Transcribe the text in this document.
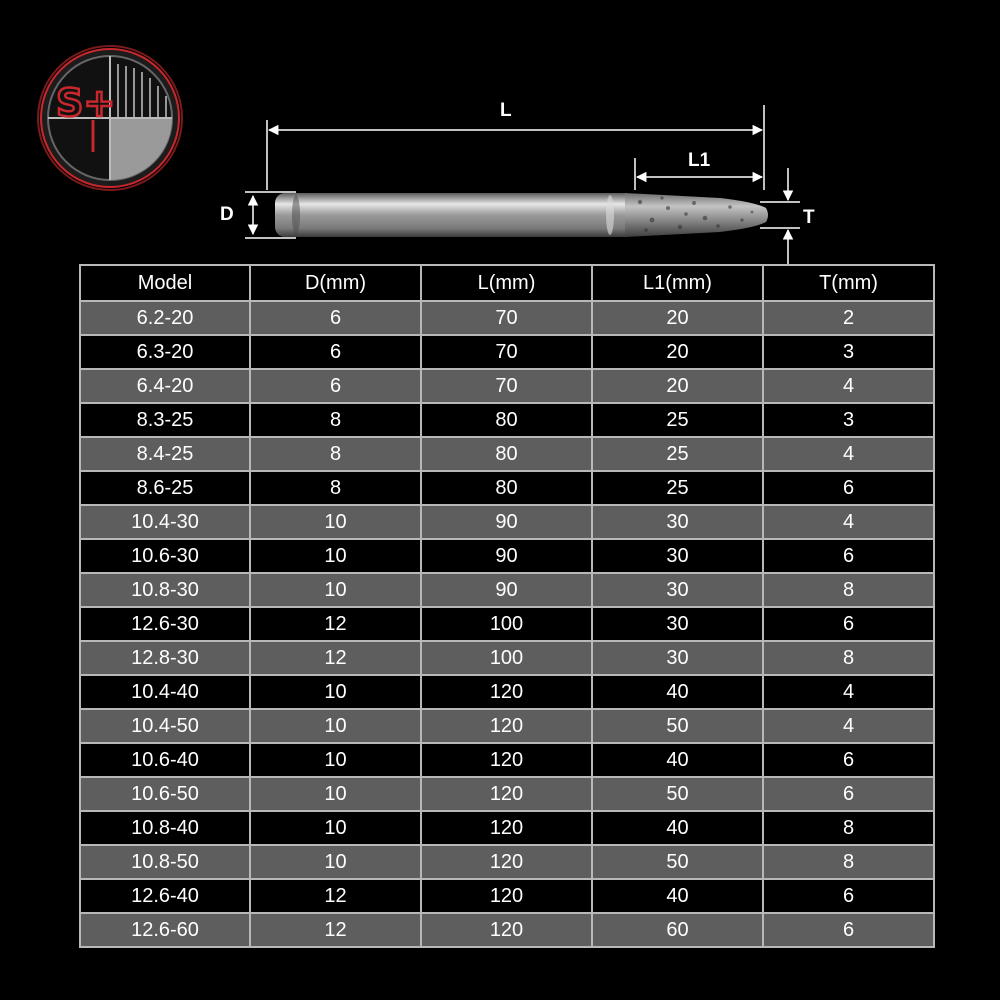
S+	L
L1
D	T
Model	D(mm)	L(mm)	L1(mm)	T(mm)
6.2-20	6	70	20	2
6.3-20	6	70	20	3
6.4-20	6	70	20	4
8.3-25	8	80	25	3
8.4-25	8	80	25	4
8.6-25	8	80	25	6
10.4-30	10	90	30	4
10.6-30	10	90	30	6
10.8-30	10	90	30	8
12.6-30	12	100	30	6
12.8-30	12	100	30	8
10.4-40	10	120	40	4
10.4-50	10	120	50	4
10.6-40	10	120	40	6
10.6-50	10	120	50	6
10.8-40	10	120	40	8
10.8-50	10	120	50	8
12.6-40	12	120	40	6
12.6-60	12	120	60	6
